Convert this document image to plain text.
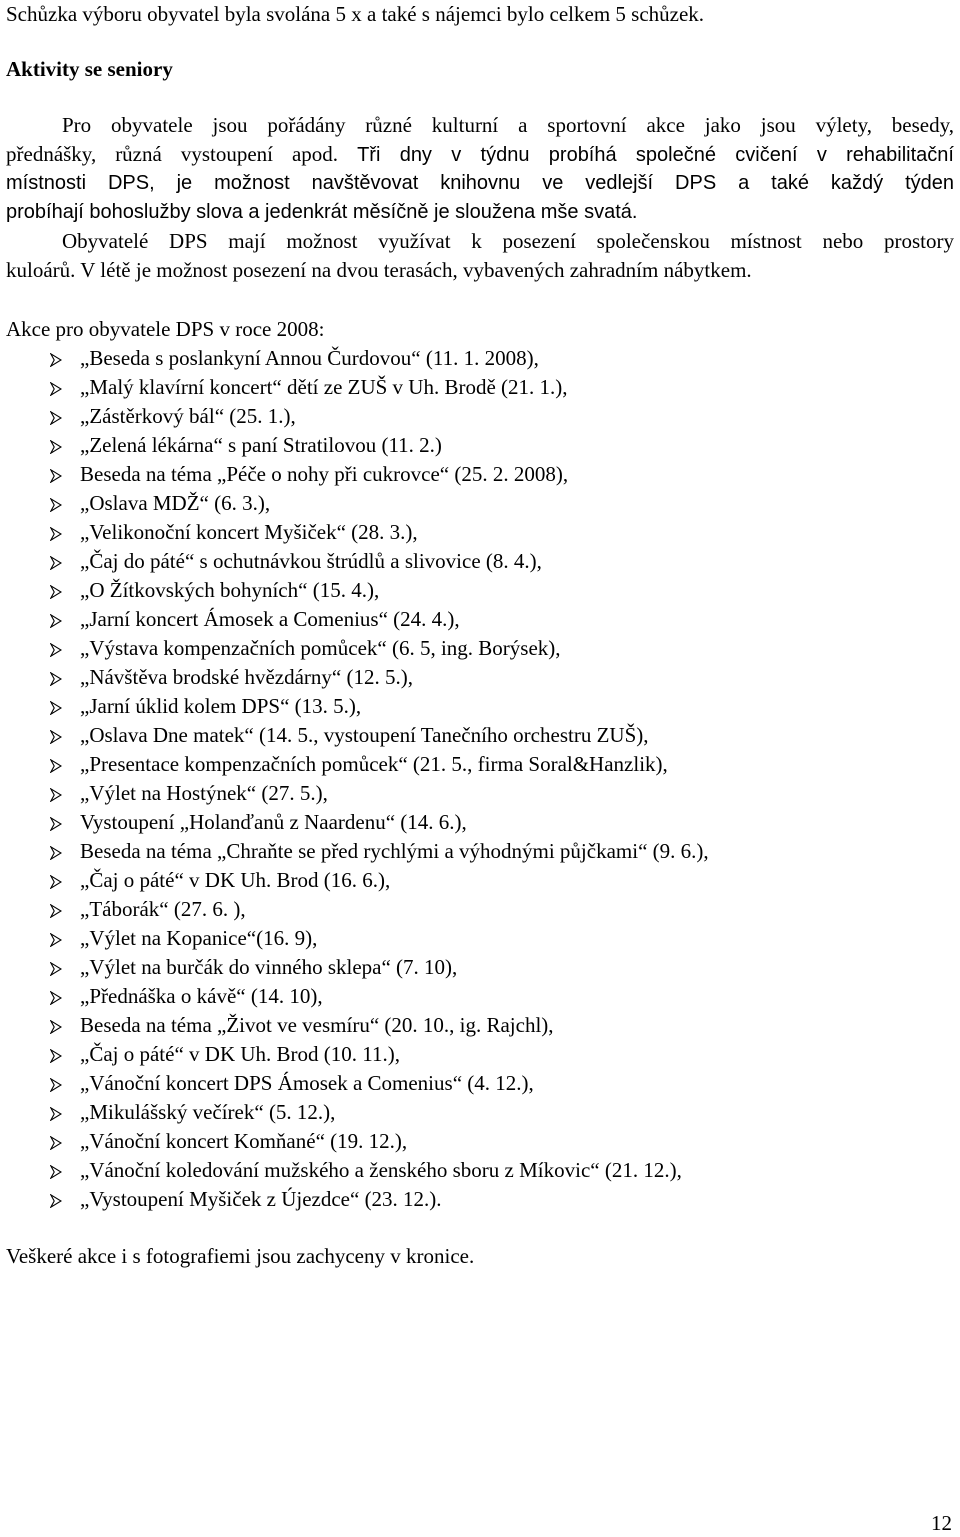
Schůzka výboru obyvatel byla svolána 5 x a také s nájemci bylo celkem 5 schůzek.
Aktivity se seniory
Pro obyvatele jsou pořádány různé kulturní a sportovní akce jako jsou výlety, besedy,
přednášky, různá vystoupení apod. Tři dny v týdnu probíhá společné cvičení v rehabilitační
místnosti DPS, je možnost navštěvovat knihovnu ve vedlejší DPS a také každý týden
probíhají bohoslužby slova a jedenkrát měsíčně je sloužena mše svatá.
Obyvatelé DPS mají možnost využívat k posezení společenskou místnost nebo prostory
kuloárů. V létě je možnost posezení na dvou terasách, vybavených zahradním nábytkem.
Akce pro obyvatele DPS v roce 2008:
„Beseda s poslankyní Annou Čurdovou“ (11. 1. 2008),
„Malý klavírní koncert“ dětí ze ZUŠ v Uh. Brodě (21. 1.),
„Zástěrkový bál“ (25. 1.),
„Zelená lékárna“ s paní Stratilovou (11. 2.)
Beseda na téma „Péče o nohy při cukrovce“ (25. 2. 2008),
„Oslava MDŽ“ (6. 3.),
„Velikonoční koncert Myšiček“ (28. 3.),
„Čaj do páté“ s ochutnávkou štrúdlů a slivovice (8. 4.),
„O Žítkovských bohyních“ (15. 4.),
„Jarní koncert Ámosek a Comenius“ (24. 4.),
„Výstava kompenzačních pomůcek“ (6. 5, ing. Borýsek),
„Návštěva brodské hvězdárny“ (12. 5.),
„Jarní úklid kolem DPS“ (13. 5.),
„Oslava Dne matek“ (14. 5., vystoupení Tanečního orchestru ZUŠ),
„Presentace kompenzačních pomůcek“ (21. 5., firma Soral&Hanzlik),
„Výlet na Hostýnek“ (27. 5.),
Vystoupení „Holanďanů z Naardenu“ (14. 6.),
Beseda na téma „Chraňte se před rychlými a výhodnými půjčkami“ (9. 6.),
„Čaj o páté“ v DK Uh. Brod (16. 6.),
„Táborák“ (27. 6. ),
„Výlet na Kopanice“(16. 9),
„Výlet na burčák do vinného sklepa“ (7. 10),
„Přednáška o kávě“ (14. 10),
Beseda na téma „Život ve vesmíru“ (20. 10., ig. Rajchl),
„Čaj o páté“ v DK Uh. Brod (10. 11.),
„Vánoční koncert DPS Ámosek a Comenius“ (4. 12.),
„Mikulášský večírek“ (5. 12.),
„Vánoční koncert Komňané“ (19. 12.),
„Vánoční koledování mužského a ženského sboru z Míkovic“ (21. 12.),
„Vystoupení Myšiček z Újezdce“ (23. 12.).
Veškeré akce i s fotografiemi jsou zachyceny v kronice.
12
